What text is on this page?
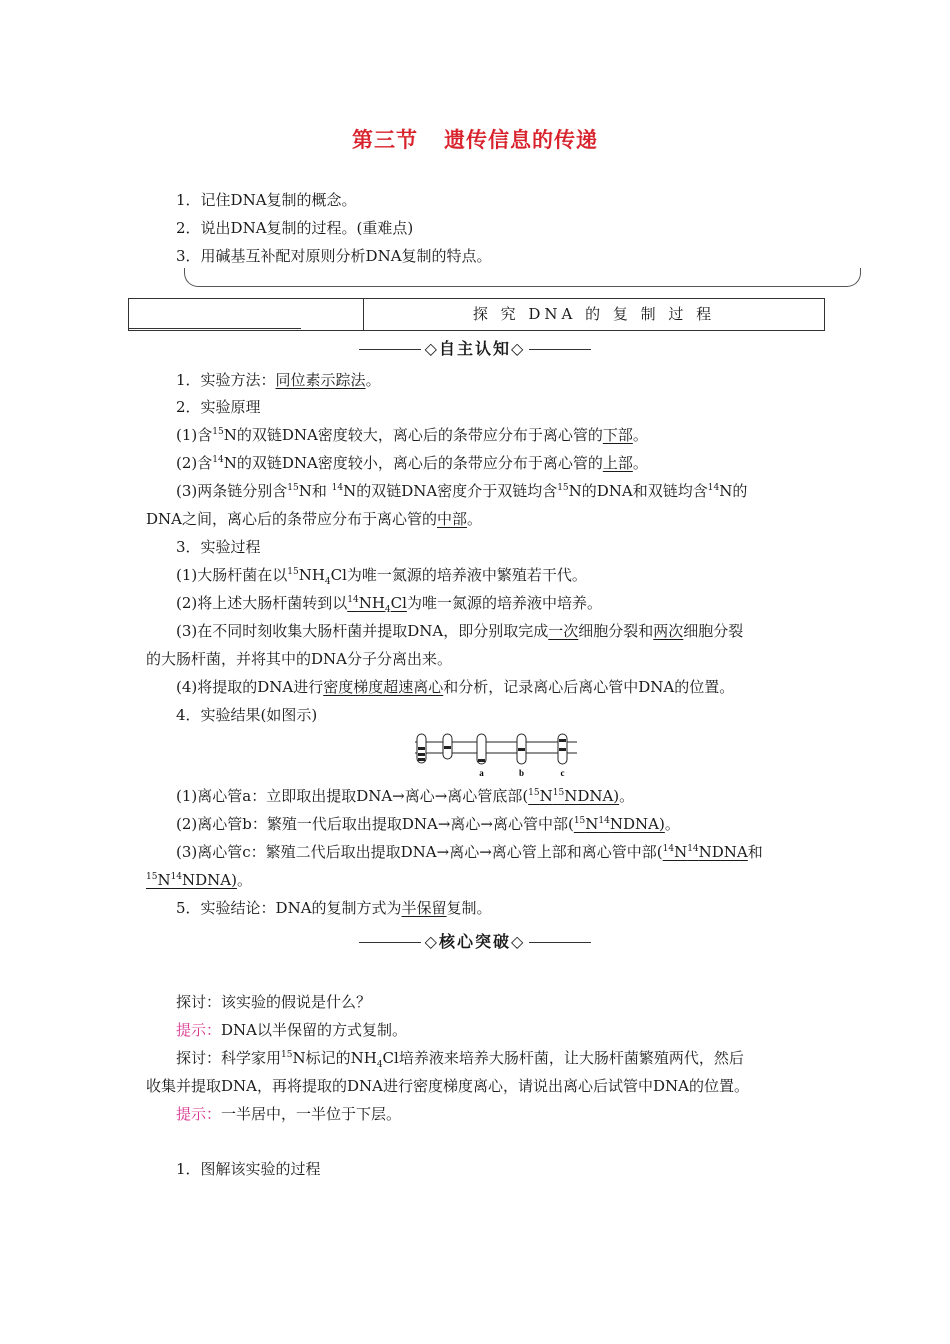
第三节 遗传信息的传递
1．记住DNA复制的概念。
2．说出DNA复制的过程。(重难点)
3．用碱基互补配对原则分析DNA复制的特点。
探 究 DNA 的 复 制 过 程
◇自主认知◇
1．实验方法：同位素示踪法。
2．实验原理
(1)含$^{15}$N的双链DNA密度较大，离心后的条带应分布于离心管的下部。
(2)含$^{14}$N的双链DNA密度较小，离心后的条带应分布于离心管的上部。
(3)两条链分别含$^{15}$N和 $^{14}$N的双链DNA密度介于双链均含$^{15}$N的DNA和双链均含$^{14}$N的
DNA之间，离心后的条带应分布于离心管的中部。
3．实验过程
(1)大肠杆菌在以$^{15}NH_4Cl$为唯一氮源的培养液中繁殖若干代。
(2)将上述大肠杆菌转到以$^{14}NH_4Cl$为唯一氮源的培养液中培养。
(3)在不同时刻收集大肠杆菌并提取DNA，即分别取完成一次细胞分裂和两次细胞分裂
的大肠杆菌，并将其中的DNA分子分离出来。
(4)将提取的DNA进行密度梯度超速离心和分析，记录离心后离心管中DNA的位置。
4．实验结果(如图示)
a	b	c
(1)离心管a：立即取出提取DNA→离心→离心管底部$(^{15}N^{15}NDNA)$。
(2)离心管b：繁殖一代后取出提取DNA→离心→离心管中部$(^{15}N^{14}NDNA)$。
(3)离心管c：繁殖二代后取出提取DNA→离心→离心管上部和离心管中部($^{14}N^{14}NDNA$和
$^{15}N^{14}NDNA$)。
5．实验结论：DNA的复制方式为半保留复制。
◇核心突破◇
探讨：该实验的假说是什么？
提示：DNA以半保留的方式复制。
探讨：科学家用$^{15}$N标记的$NH_4Cl$培养液来培养大肠杆菌，让大肠杆菌繁殖两代，然后
收集并提取DNA，再将提取的DNA进行密度梯度离心，请说出离心后试管中DNA的位置。
提示：一半居中，一半位于下层。
1．图解该实验的过程
